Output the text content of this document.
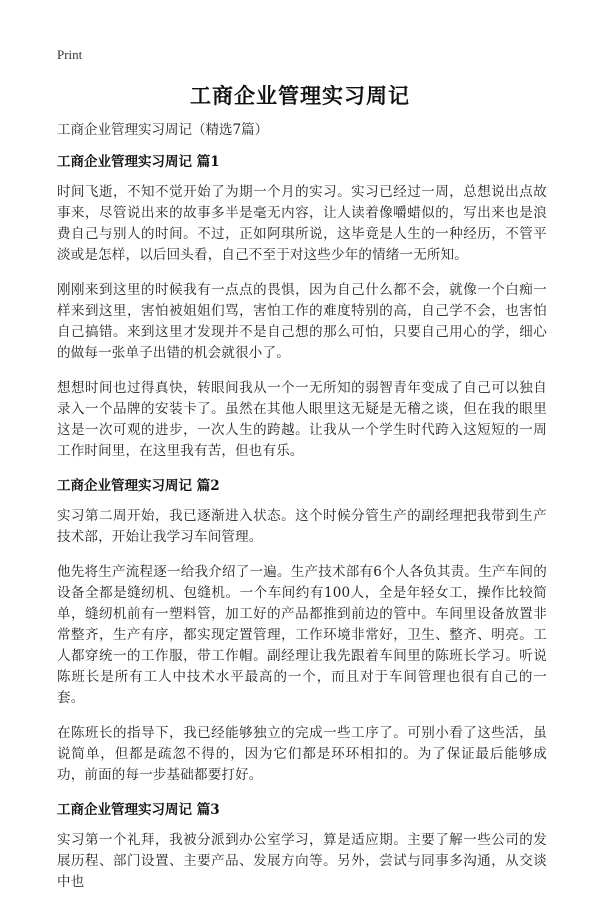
Print
工商企业管理实习周记

工商企业管理实习周记（精选7篇）

工商企业管理实习周记 篇1

时间飞逝，不知不觉开始了为期一个月的实习。实习已经过一周，总想说出点故事来，尽管说出来的故事多半是毫无内容，让人读着像嚼蜡似的，写出来也是浪费自己与别人的时间。不过，正如阿琪所说，这毕竟是人生的一种经历，不管平淡或是怎样，以后回头看，自己不至于对这些少年的情绪一无所知。

刚刚来到这里的时候我有一点点的畏惧，因为自己什么都不会，就像一个白痴一样来到这里，害怕被姐姐们骂，害怕工作的难度特别的高，自己学不会，也害怕自己搞错。来到这里才发现并不是自己想的那么可怕，只要自己用心的学，细心的做每一张单子出错的机会就很小了。

想想时间也过得真快，转眼间我从一个一无所知的弱智青年变成了自己可以独自录入一个品牌的安装卡了。虽然在其他人眼里这无疑是无稽之谈，但在我的眼里这是一次可观的进步，一次人生的跨越。让我从一个学生时代跨入这短短的一周工作时间里，在这里我有苦，但也有乐。

工商企业管理实习周记 篇2

实习第二周开始，我已逐渐进入状态。这个时候分管生产的副经理把我带到生产技术部，开始让我学习车间管理。

他先将生产流程逐一给我介绍了一遍。生产技术部有6个人各负其责。生产车间的设备全都是缝纫机、包缝机。一个车间约有100人，全是年轻女工，操作比较简单，缝纫机前有一塑料管，加工好的产品都推到前边的管中。车间里设备放置非常整齐，生产有序，都实现定置管理，工作环境非常好，卫生、整齐、明亮。工人都穿统一的工作服，带工作帽。副经理让我先跟着车间里的陈班长学习。听说陈班长是所有工人中技术水平最高的一个，而且对于车间管理也很有自己的一套。

在陈班长的指导下，我已经能够独立的完成一些工序了。可别小看了这些活，虽说简单，但都是疏忽不得的，因为它们都是环环相扣的。为了保证最后能够成功，前面的每一步基础都要打好。

工商企业管理实习周记 篇3

实习第一个礼拜，我被分派到办公室学习，算是适应期。主要了解一些公司的发展历程、部门设置、主要产品、发展方向等。另外，尝试与同事多沟通，从交谈中也
